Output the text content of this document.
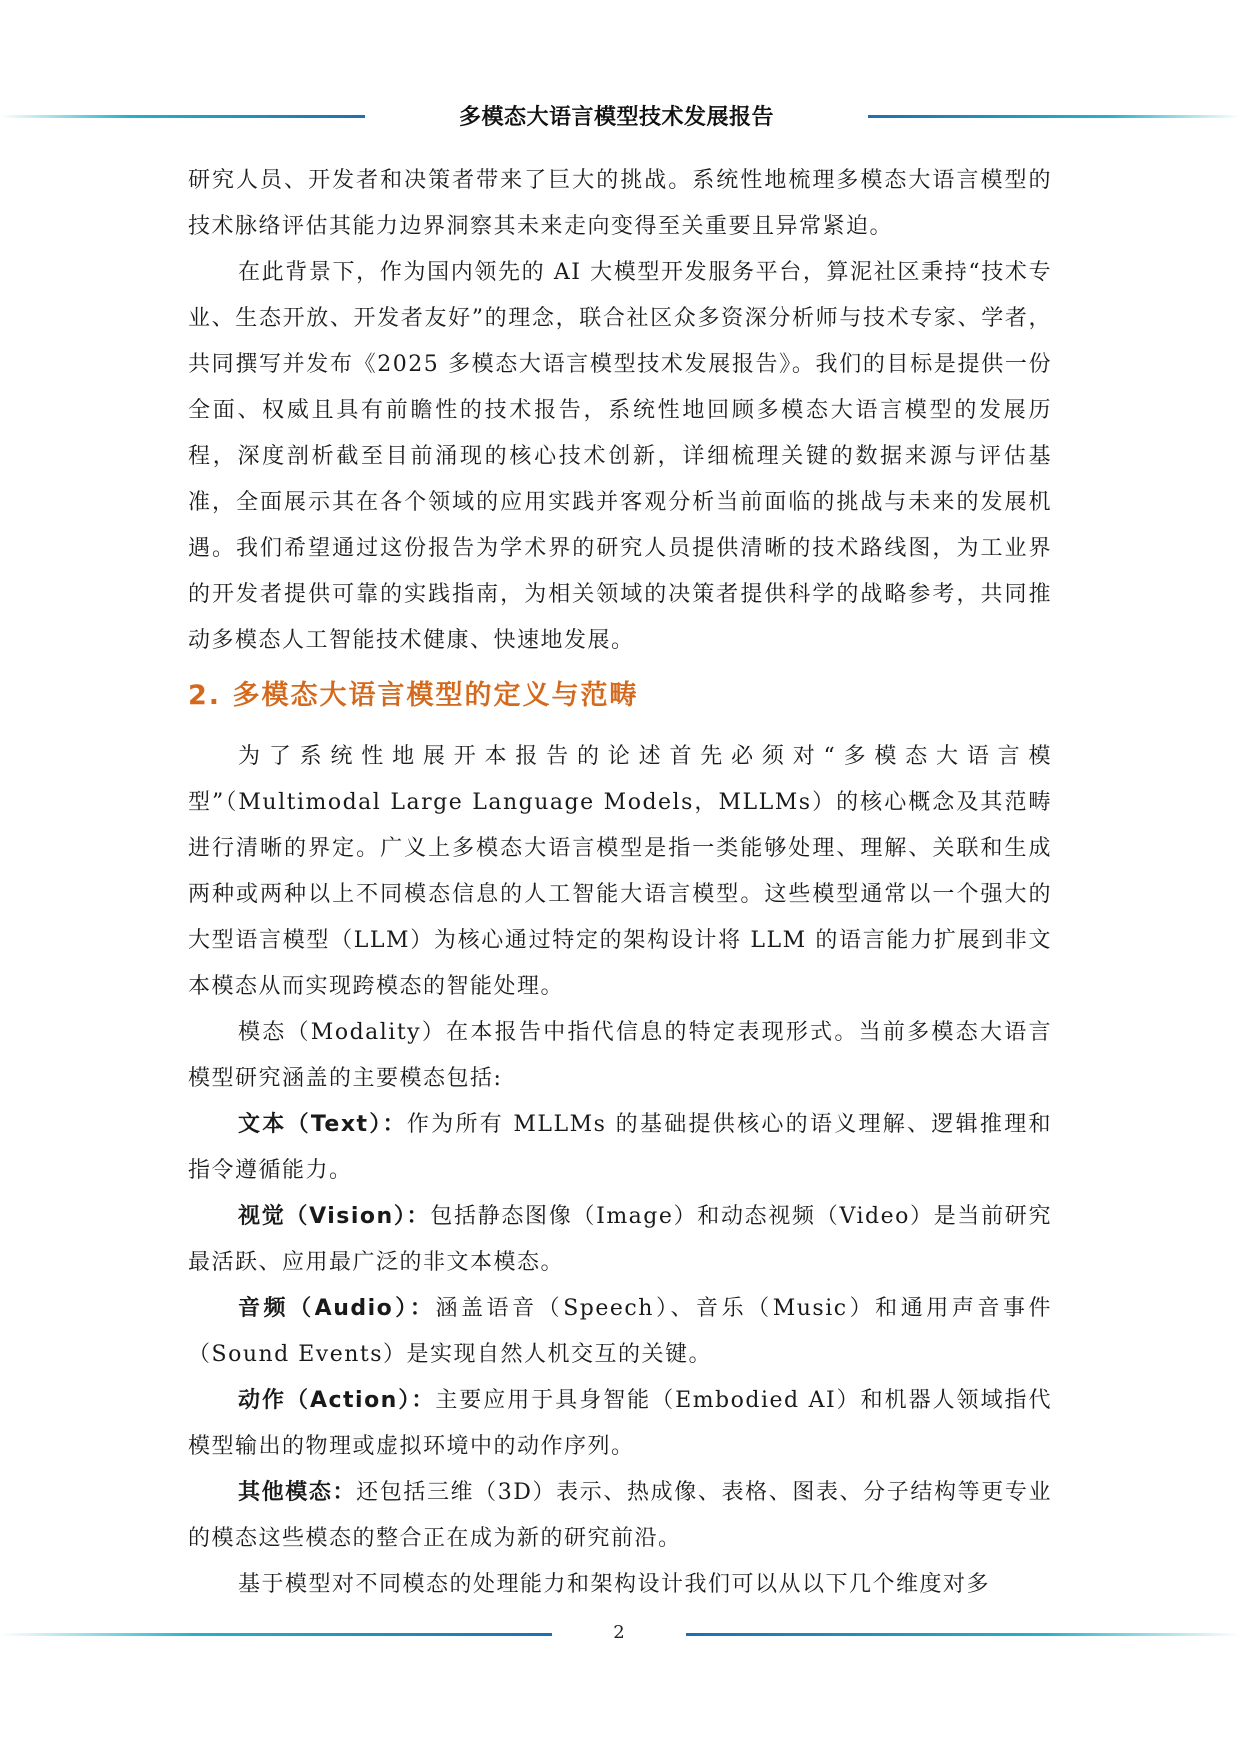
多模态大语言模型技术发展报告

研究人员、开发者和决策者带来了巨大的挑战。系统性地梳理多模态大语言模型的技术脉络评估其能力边界洞察其未来走向变得至关重要且异常紧迫。

在此背景下，作为国内领先的 AI 大模型开发服务平台，算泥社区秉持“技术专业、生态开放、开发者友好”的理念，联合社区众多资深分析师与技术专家、学者，共同撰写并发布《2025 多模态大语言模型技术发展报告》。我们的目标是提供一份全面、权威且具有前瞻性的技术报告，系统性地回顾多模态大语言模型的发展历程，深度剖析截至目前涌现的核心技术创新，详细梳理关键的数据来源与评估基准，全面展示其在各个领域的应用实践并客观分析当前面临的挑战与未来的发展机遇。我们希望通过这份报告为学术界的研究人员提供清晰的技术路线图，为工业界的开发者提供可靠的实践指南，为相关领域的决策者提供科学的战略参考，共同推动多模态人工智能技术健康、快速地发展。

2. 多模态大语言模型的定义与范畴

为了系统性地展开本报告的论述首先必须对“多模态大语言模型”（Multimodal Large Language Models，MLLMs）的核心概念及其范畴进行清晰的界定。广义上多模态大语言模型是指一类能够处理、理解、关联和生成两种或两种以上不同模态信息的人工智能大语言模型。这些模型通常以一个强大的大型语言模型（LLM）为核心通过特定的架构设计将 LLM 的语言能力扩展到非文本模态从而实现跨模态的智能处理。

模态（Modality）在本报告中指代信息的特定表现形式。当前多模态大语言模型研究涵盖的主要模态包括:

文本（Text）：作为所有 MLLMs 的基础提供核心的语义理解、逻辑推理和指令遵循能力。

视觉（Vision）：包括静态图像（Image）和动态视频（Video）是当前研究最活跃、应用最广泛的非文本模态。

音频（Audio）：涵盖语音（Speech）、音乐（Music）和通用声音事件（Sound Events）是实现自然人机交互的关键。

动作（Action）：主要应用于具身智能（Embodied AI）和机器人领域指代模型输出的物理或虚拟环境中的动作序列。

其他模态：还包括三维（3D）表示、热成像、表格、图表、分子结构等更专业的模态这些模态的整合正在成为新的研究前沿。

基于模型对不同模态的处理能力和架构设计我们可以从以下几个维度对多

2
